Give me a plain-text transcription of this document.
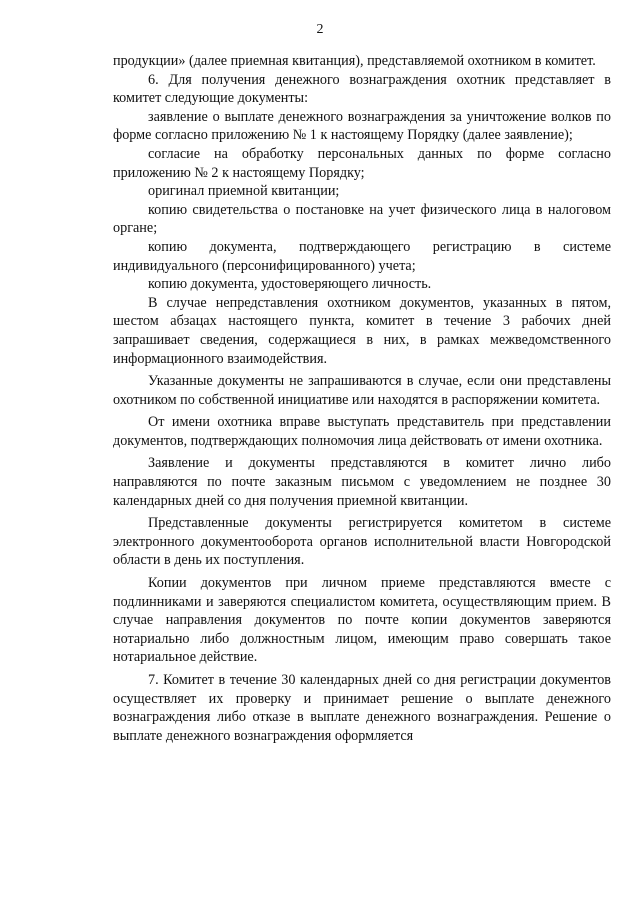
2

продукции» (далее приемная квитанция), представляемой охотником в комитет.

6. Для получения денежного вознаграждения охотник представляет в комитет следующие документы:

заявление о выплате денежного вознаграждения за уничтожение волков по форме согласно приложению № 1 к настоящему Порядку (далее заявление);

согласие на обработку персональных данных по форме согласно приложению № 2 к настоящему Порядку;

оригинал приемной квитанции;

копию свидетельства о постановке на учет физического лица в налоговом органе;

копию документа, подтверждающего регистрацию в системе индивидуального (персонифицированного) учета;

копию документа, удостоверяющего личность.

В случае непредставления охотником документов, указанных в пятом, шестом абзацах настоящего пункта, комитет в течение 3 рабочих дней запрашивает сведения, содержащиеся в них, в рамках межведомственного информационного взаимодействия.

Указанные документы не запрашиваются в случае, если они представлены охотником по собственной инициативе или находятся в распоряжении комитета.

От имени охотника вправе выступать представитель при представлении документов, подтверждающих полномочия лица действовать от имени охотника.

Заявление и документы представляются в комитет лично либо направляются по почте заказным письмом с уведомлением не позднее 30 календарных дней со дня получения приемной квитанции.

Представленные документы регистрируется комитетом в системе электронного документооборота органов исполнительной власти Новгородской области в день их поступления.

Копии документов при личном приеме представляются вместе с подлинниками и заверяются специалистом комитета, осуществляющим прием. В случае направления документов по почте копии документов заверяются нотариально либо должностным лицом, имеющим право совершать такое нотариальное действие.

7. Комитет в течение 30 календарных дней со дня регистрации документов осуществляет их проверку и принимает решение о выплате денежного вознаграждения либо отказе в выплате денежного вознаграждения. Решение о выплате денежного вознаграждения оформляется
